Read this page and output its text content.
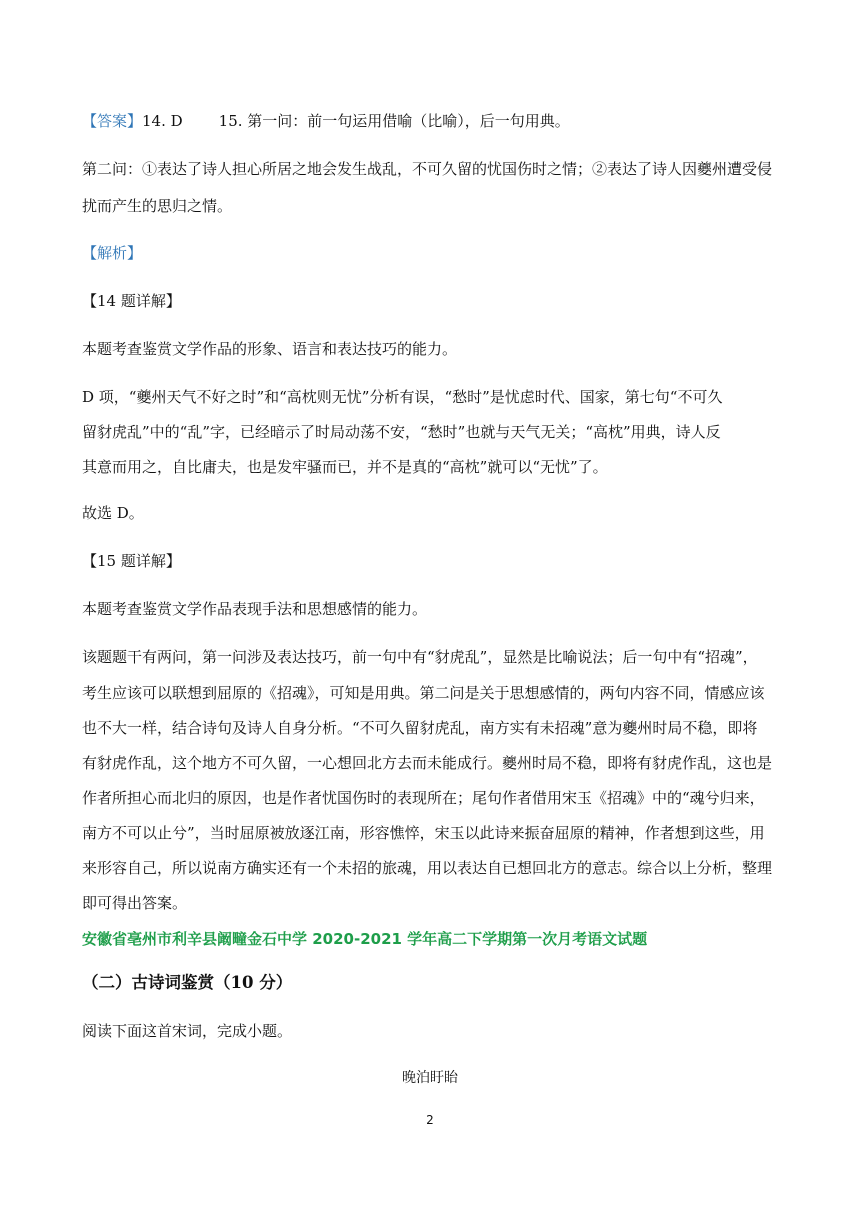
【答案】14. D 15. 第一问：前一句运用借喻（比喻），后一句用典。
第二问：①表达了诗人担心所居之地会发生战乱，不可久留的忧国伤时之情；②表达了诗人因夔州遭受侵
扰而产生的思归之情。
【解析】
【14 题详解】
本题考查鉴赏文学作品的形象、语言和表达技巧的能力。
D 项，“夔州天气不好之时”和“高枕则无忧”分析有误，“愁时”是忧虑时代、国家，第七句“不可久
留豺虎乱”中的“乱”字，已经暗示了时局动荡不安，“愁时”也就与天气无关；“高枕”用典，诗人反
其意而用之，自比庸夫，也是发牢骚而已，并不是真的“高枕”就可以“无忧”了。
故选 D。
【15 题详解】
本题考查鉴赏文学作品表现手法和思想感情的能力。
该题题干有两问，第一问涉及表达技巧，前一句中有“豺虎乱”，显然是比喻说法；后一句中有“招魂”，
考生应该可以联想到屈原的《招魂》，可知是用典。第二问是关于思想感情的，两句内容不同，情感应该
也不大一样，结合诗句及诗人自身分析。“不可久留豺虎乱，南方实有未招魂”意为夔州时局不稳，即将
有豺虎作乱，这个地方不可久留，一心想回北方去而未能成行。夔州时局不稳，即将有豺虎作乱，这也是
作者所担心而北归的原因，也是作者忧国伤时的表现所在；尾句作者借用宋玉《招魂》中的“魂兮归来，
南方不可以止兮”，当时屈原被放逐江南，形容憔悴，宋玉以此诗来振奋屈原的精神，作者想到这些，用
来形容自己，所以说南方确实还有一个未招的旅魂，用以表达自已想回北方的意志。综合以上分析，整理
即可得出答案。
安徽省亳州市利辛县阚疃金石中学 2020-2021 学年高二下学期第一次月考语文试题
（二）古诗词鉴赏（10 分）
阅读下面这首宋词，完成小题。
晚泊盱眙
2
